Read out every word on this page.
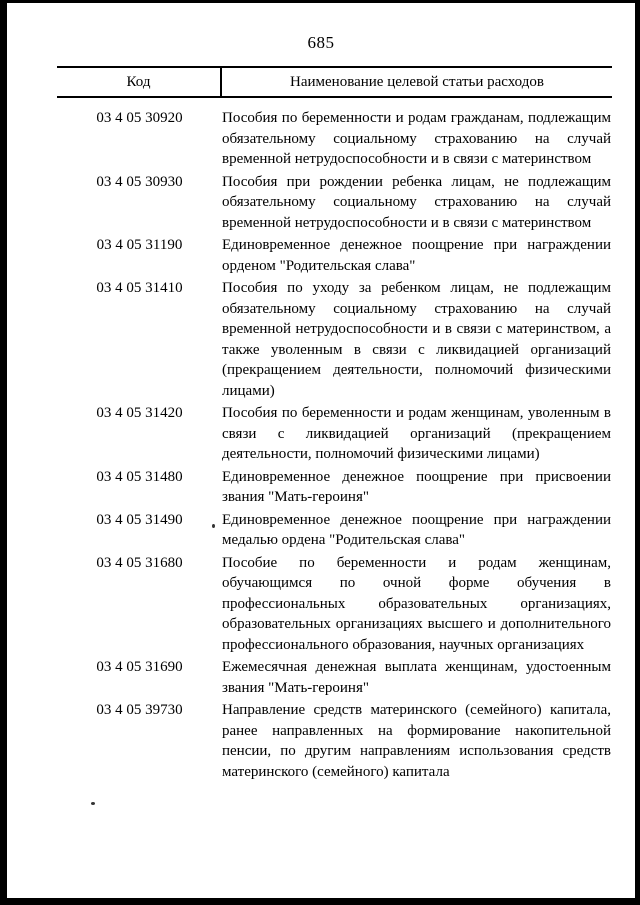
685
Код	Наименование целевой статьи расходов
03 4 05 30920	Пособия по беременности и родам гражданам, подлежащим обязательному социальному страхованию на случай временной нетрудоспособности и в связи с материнством
03 4 05 30930	Пособия при рождении ребенка лицам, не подлежащим обязательному социальному страхованию на случай временной нетрудоспособности и в связи с материнством
03 4 05 31190	Единовременное денежное поощрение при награждении орденом "Родительская слава"
03 4 05 31410	Пособия по уходу за ребенком лицам, не подлежащим обязательному социальному страхованию на случай временной нетрудоспособности и в связи с материнством, а также уволенным в связи с ликвидацией организаций (прекращением деятельности, полномочий физическими лицами)
03 4 05 31420	Пособия по беременности и родам женщинам, уволенным в связи с ликвидацией организаций (прекращением деятельности, полномочий физическими лицами)
03 4 05 31480	Единовременное денежное поощрение при присвоении звания "Мать-героиня"
03 4 05 31490	Единовременное денежное поощрение при награждении медалью ордена "Родительская слава"
03 4 05 31680	Пособие по беременности и родам женщинам, обучающимся по очной форме обучения в профессиональных образовательных организациях, образовательных организациях высшего и дополнительного профессионального образования, научных организациях
03 4 05 31690	Ежемесячная денежная выплата женщинам, удостоенным звания "Мать-героиня"
03 4 05 39730	Направление средств материнского (семейного) капитала, ранее направленных на формирование накопительной пенсии, по другим направлениям использования средств материнского (семейного) капитала
